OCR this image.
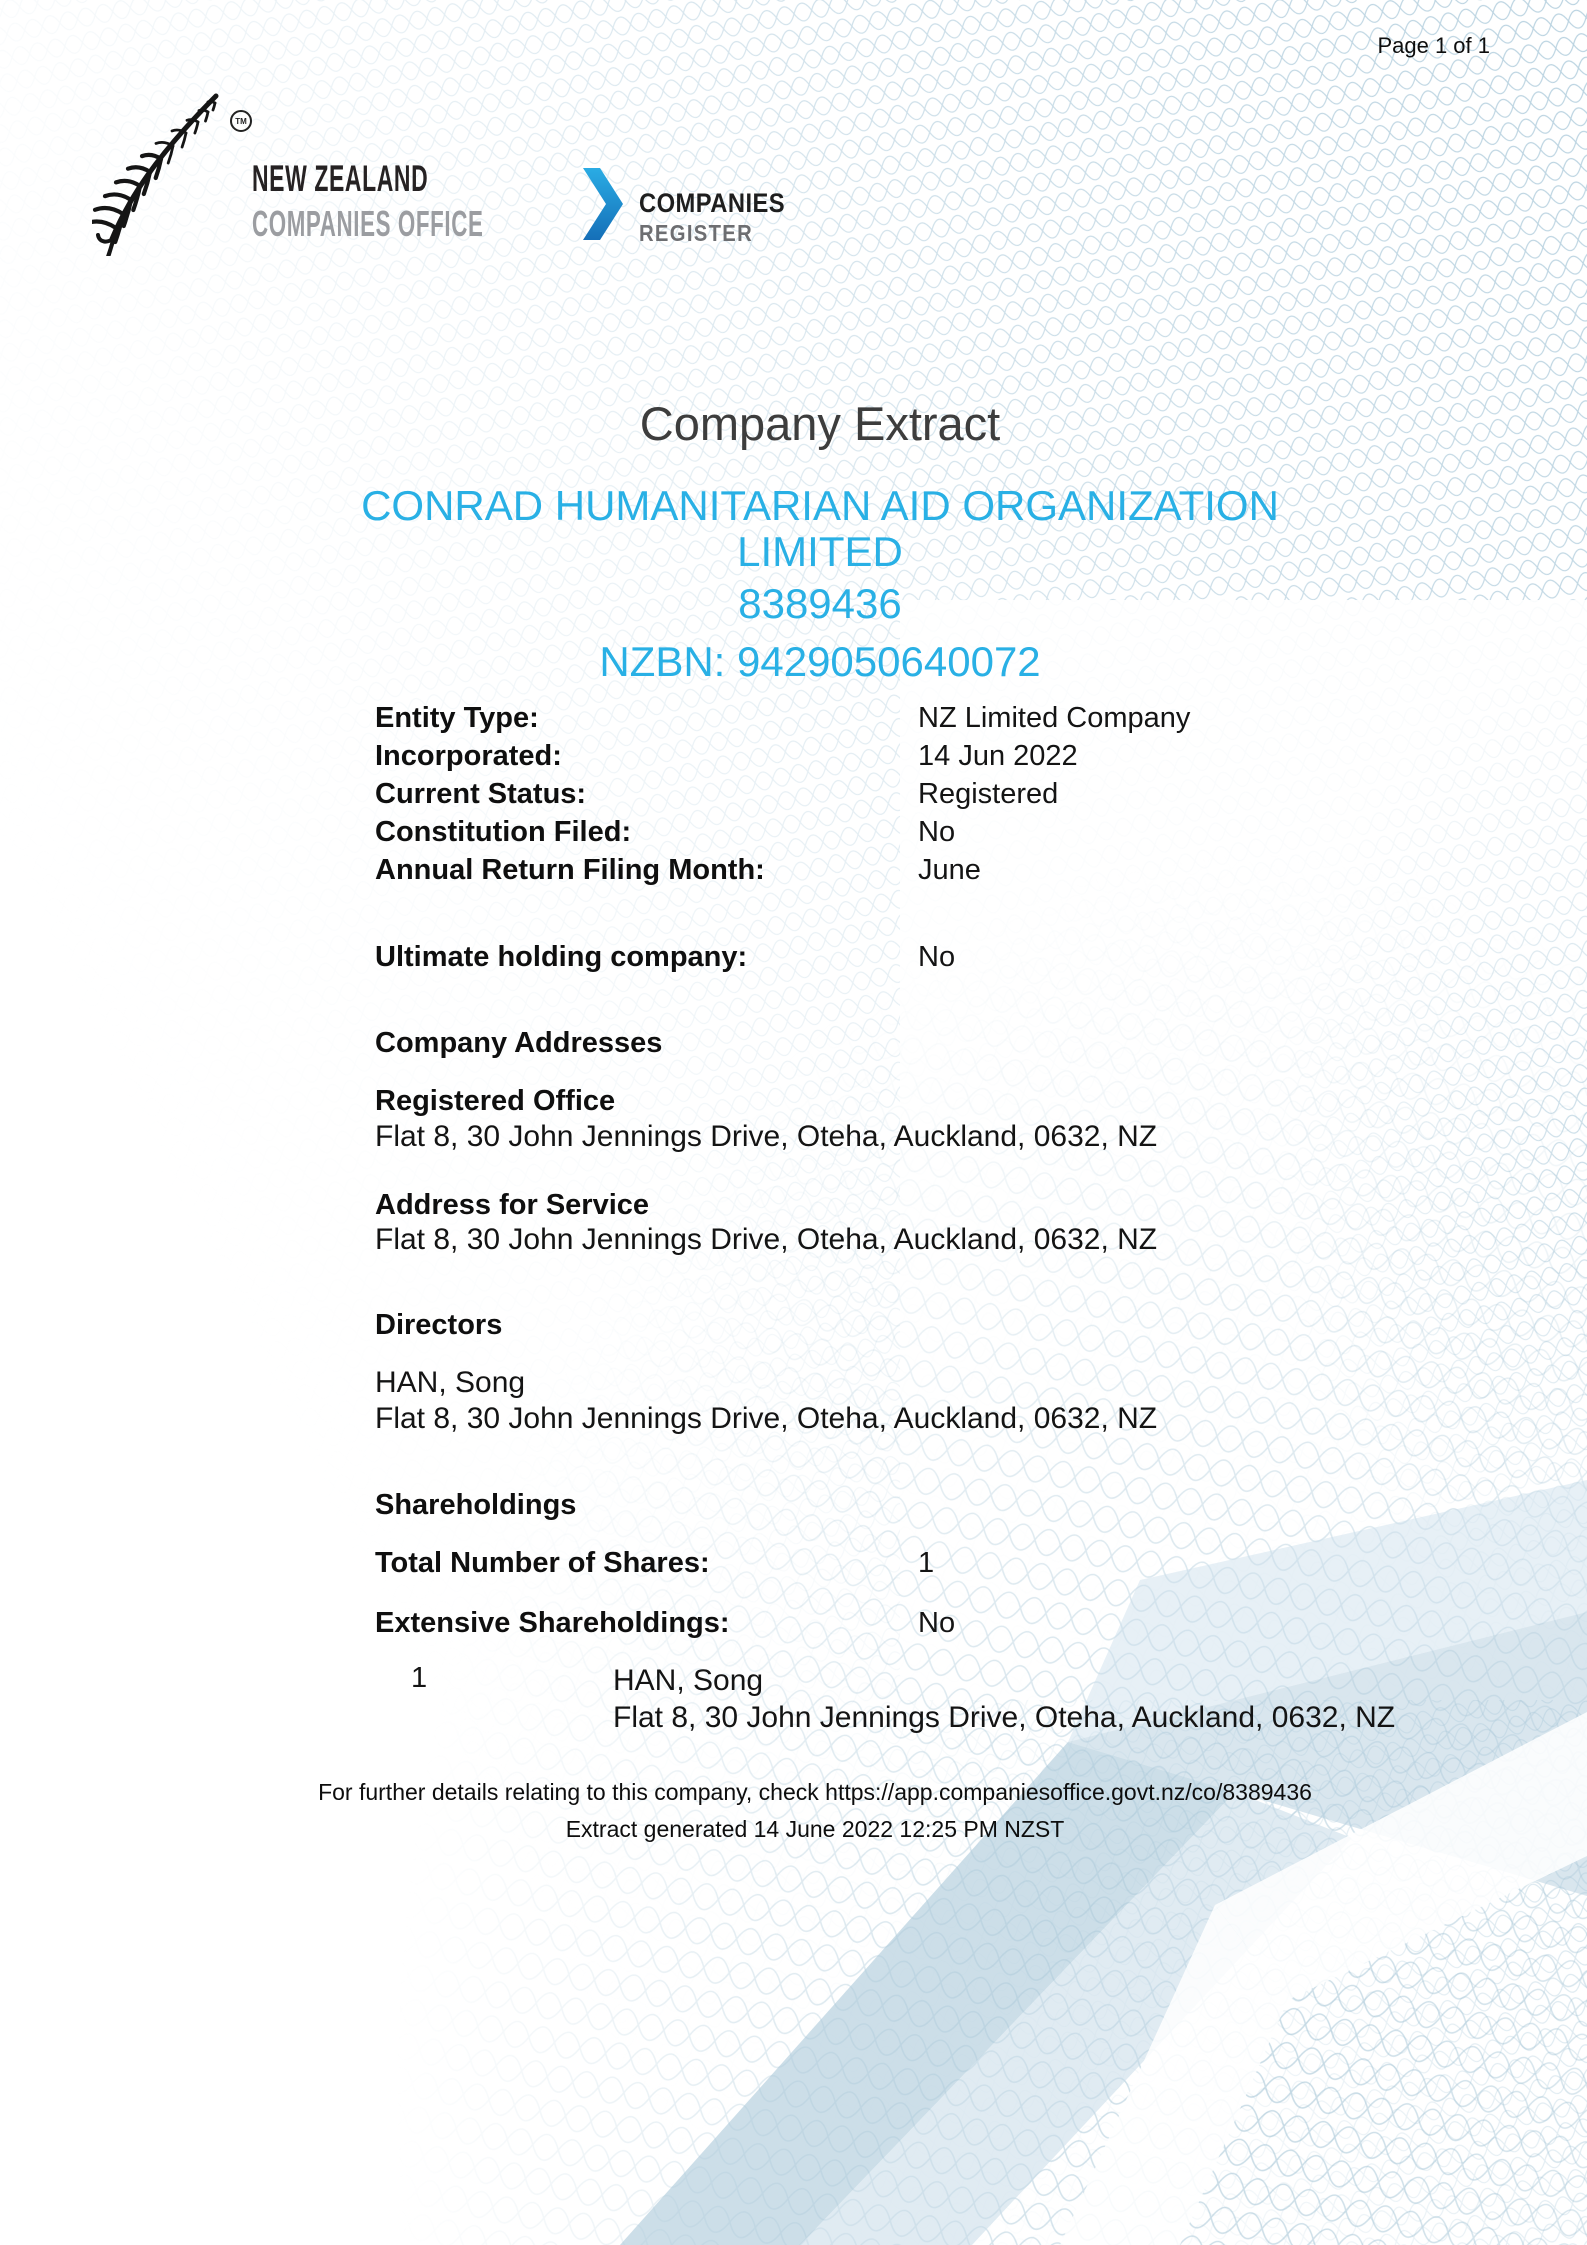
Page 1 of 1
TM
NEW ZEALAND
COMPANIES OFFICE	COMPANIES
REGISTER
Company Extract
CONRAD HUMANITARIAN AID ORGANIZATION
LIMITED
8389436
NZBN: 9429050640072
Entity Type:	NZ Limited Company
Incorporated:	14 Jun 2022
Current Status:	Registered
Constitution Filed:	No
Annual Return Filing Month:	June
Ultimate holding company:	No
Company Addresses
Registered Office
Flat 8, 30 John Jennings Drive, Oteha, Auckland, 0632, NZ
Address for Service
Flat 8, 30 John Jennings Drive, Oteha, Auckland, 0632, NZ
Directors
HAN, Song
Flat 8, 30 John Jennings Drive, Oteha, Auckland, 0632, NZ
Shareholdings
Total Number of Shares:	1
Extensive Shareholdings:	No
1	HAN, Song
Flat 8, 30 John Jennings Drive, Oteha, Auckland, 0632, NZ
For further details relating to this company, check https://app.companiesoffice.govt.nz/co/8389436
Extract generated 14 June 2022 12:25 PM NZST
